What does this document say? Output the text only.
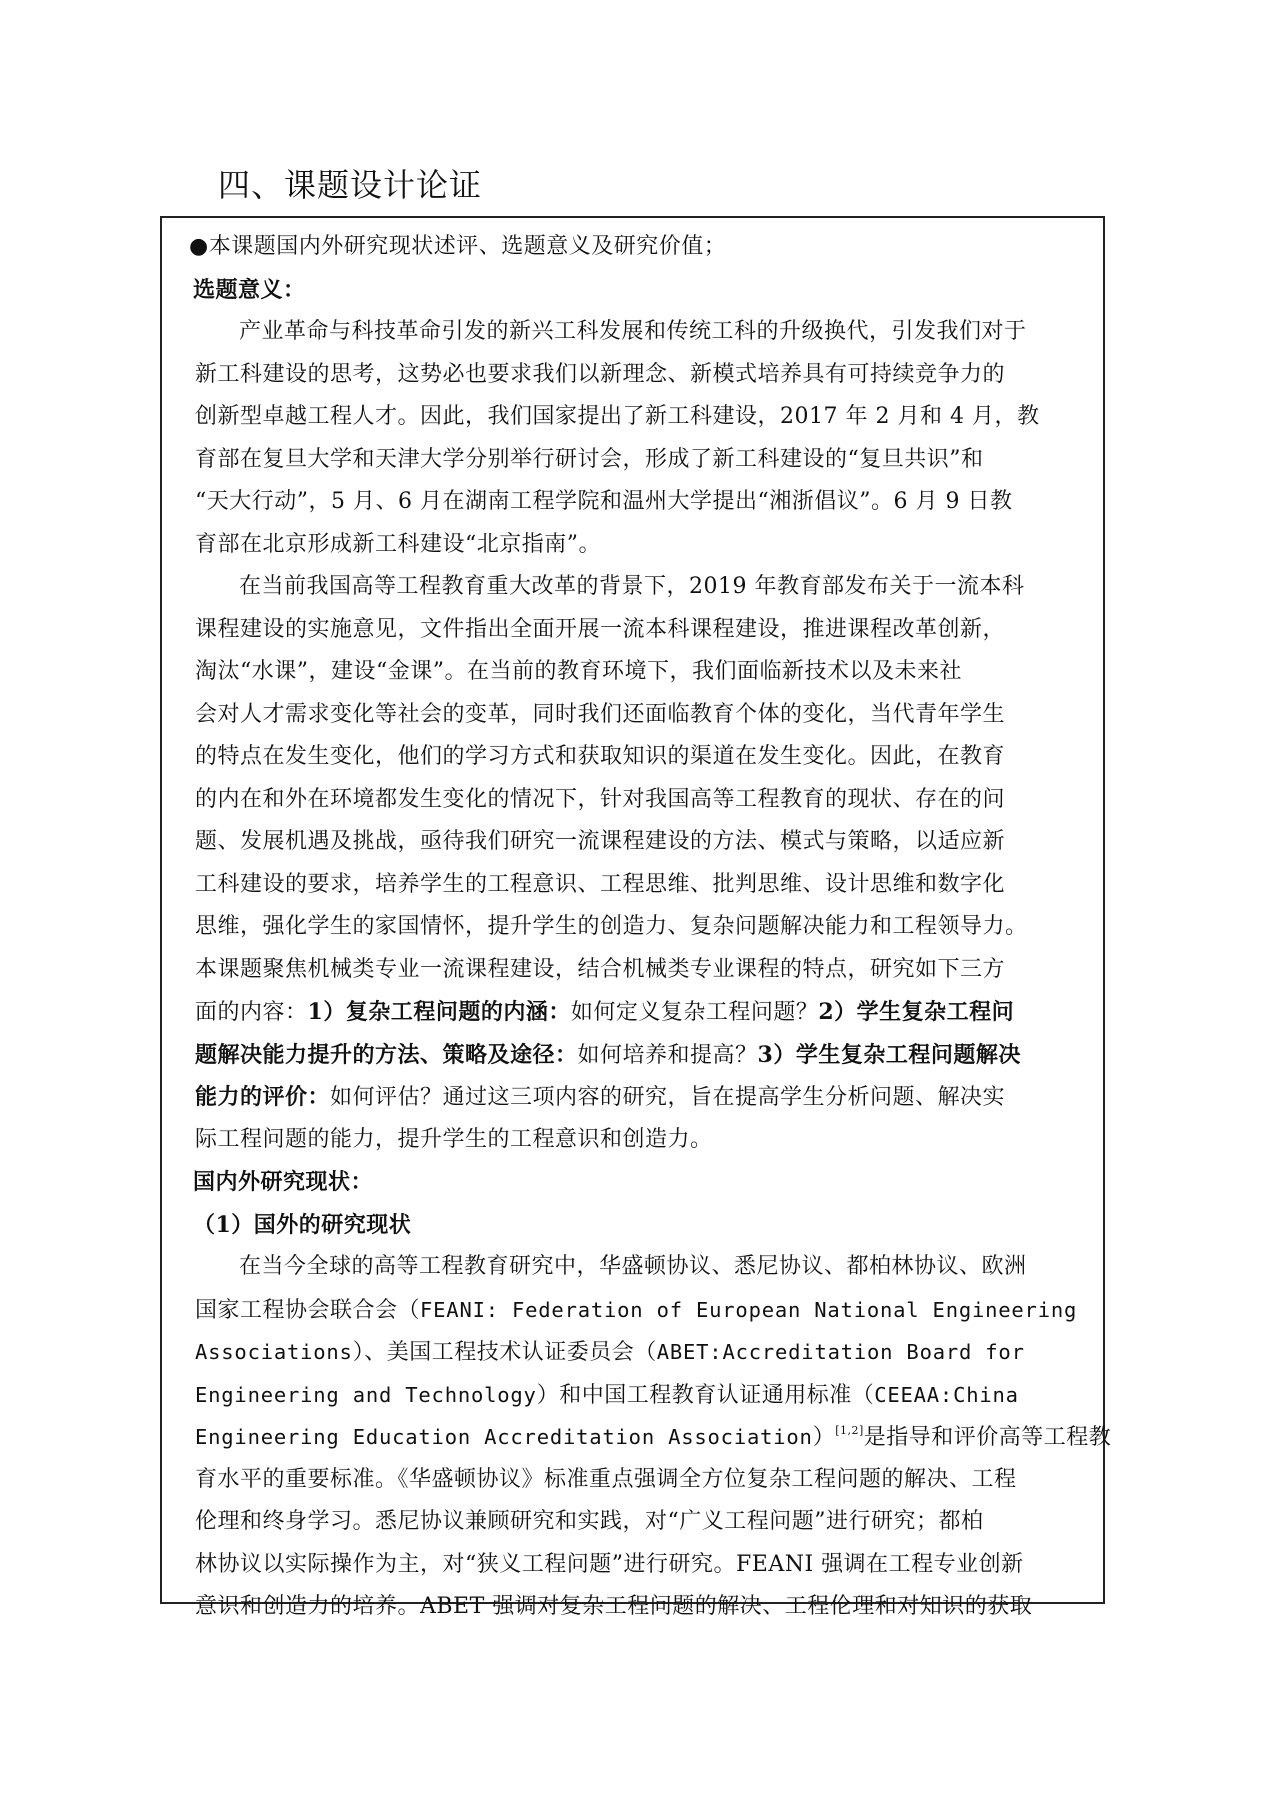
四、课题设计论证
●本课题国内外研究现状述评、选题意义及研究价值；
选题意义：
产业革命与科技革命引发的新兴工科发展和传统工科的升级换代，引发我们对于
新工科建设的思考，这势必也要求我们以新理念、新模式培养具有可持续竞争力的
创新型卓越工程人才。因此，我们国家提出了新工科建设，2017 年 2 月和 4 月，教
育部在复旦大学和天津大学分别举行研讨会，形成了新工科建设的“复旦共识”和
“天大行动”，5 月、6 月在湖南工程学院和温州大学提出“湘浙倡议”。6 月 9 日教
育部在北京形成新工科建设“北京指南”。
在当前我国高等工程教育重大改革的背景下，2019 年教育部发布关于一流本科
课程建设的实施意见，文件指出全面开展一流本科课程建设，推进课程改革创新，
淘汰“水课”，建设“金课”。在当前的教育环境下，我们面临新技术以及未来社
会对人才需求变化等社会的变革，同时我们还面临教育个体的变化，当代青年学生
的特点在发生变化，他们的学习方式和获取知识的渠道在发生变化。因此，在教育
的内在和外在环境都发生变化的情况下，针对我国高等工程教育的现状、存在的问
题、发展机遇及挑战，亟待我们研究一流课程建设的方法、模式与策略，以适应新
工科建设的要求，培养学生的工程意识、工程思维、批判思维、设计思维和数字化
思维，强化学生的家国情怀，提升学生的创造力、复杂问题解决能力和工程领导力。
本课题聚焦机械类专业一流课程建设，结合机械类专业课程的特点，研究如下三方
面的内容：1）复杂工程问题的内涵：如何定义复杂工程问题？2）学生复杂工程问
题解决能力提升的方法、策略及途径：如何培养和提高？3）学生复杂工程问题解决
能力的评价：如何评估？通过这三项内容的研究，旨在提高学生分析问题、解决实
际工程问题的能力，提升学生的工程意识和创造力。
国内外研究现状：
（1）国外的研究现状
在当今全球的高等工程教育研究中，华盛顿协议、悉尼协议、都柏林协议、欧洲
国家工程协会联合会（FEANI: Federation of European National Engineering
Associations）、美国工程技术认证委员会（ABET:Accreditation Board for
Engineering and Technology）和中国工程教育认证通用标准（CEEAA:China
Engineering Education Accreditation Association）[1,2]是指导和评价高等工程教
育水平的重要标准。《华盛顿协议》标准重点强调全方位复杂工程问题的解决、工程
伦理和终身学习。悉尼协议兼顾研究和实践，对“广义工程问题”进行研究；都柏
林协议以实际操作为主，对“狭义工程问题”进行研究。FEANI 强调在工程专业创新
意识和创造力的培养。ABET 强调对复杂工程问题的解决、工程伦理和对知识的获取
